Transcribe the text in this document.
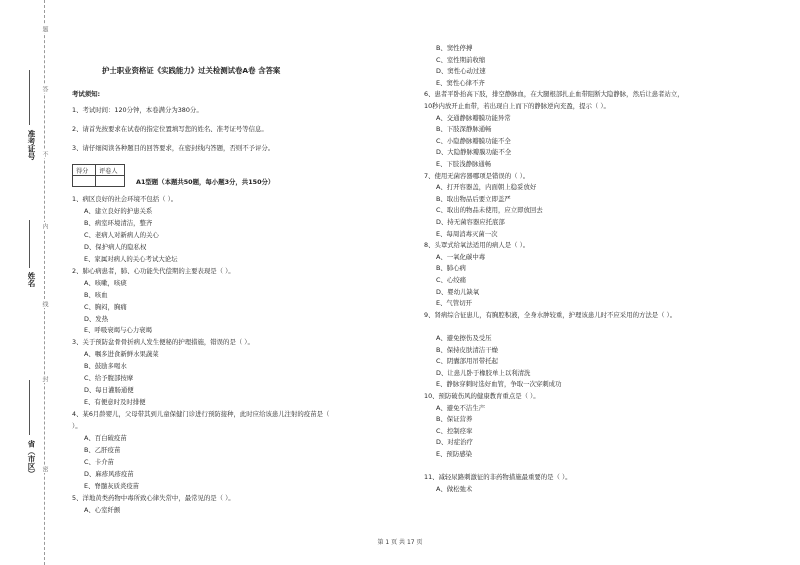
题
答
不
内
线
封
密
准考证号
姓名
省（市区）
护士职业资格证《实践能力》过关检测试卷A卷 含答案
考试须知:
1、考试时间：120分钟，本卷满分为380分。
2、请首先按要求在试卷的指定位置填写您的姓名、准考证号等信息。
3、请仔细阅读各种题目的回答要求，在密封线内答题，否则不予评分。
得分	评卷人

A1型题（本题共50题，每小题3分，共150分）
1、病区良好的社会环境不包括（ ）。
A、建立良好的护患关系
B、病室环境清洁，整齐
C、老病人对新病人的关心
D、保护病人的隐私权
E、家属对病人的关心考试大论坛
2、肺心病患者，肺、心功能失代偿期的主要表现是（ ）。
A、咳嗽，咳痰
B、咳血
C、胸闷，胸痛
D、发热
E、呼吸衰竭与心力衰竭
3、关于预防盆骨骨折病人发生便秘的护理措施，错误的是（ ）。
A、嘱多进食新鲜水果蔬菜
B、鼓励多喝水
C、给予腹部按摩
D、每日灌肠通便
E、有便意时及时排便
4、某6月龄婴儿，父母带其到儿童保健门诊进行预防接种，此时应给该患儿注射的疫苗是（
）。
A、百白破疫苗
B、乙肝疫苗
C、卡介苗
D、麻疹风疹疫苗
E、脊髓灰质炎疫苗
5、洋地黄类药物中毒所致心律失常中，最常见的是（ ）。
A、心室纤颤
B、窦性停搏
C、室性期前收缩
D、窦性心动过速
E、窦性心律不齐
6、患者平卧抬高下肢，排空静脉血，在大腿根部扎止血带阻断大隐静脉，然后让患者站立，
10秒内放开止血带，若出现自上而下的静脉逆向充盈，提示（ ）。
A、交通静脉瓣膜功能异常
B、下肢深静脉通畅
C、小隐静脉瓣膜功能不全
D、大隐静脉瓣膜功能不全
E、下肢浅静脉通畅
7、使用无菌容器哪项是错误的（ ）。
A、打开容器盖，内面朝上稳妥放好
B、取出物品后要立即盖严
C、取出的物品未使用，应立即放回去
D、持无菌容器应托底部
E、每周消毒灭菌一次
8、头罩式给氧法适用的病人是（ ）。
A、一氧化碳中毒
B、肺心病
C、心绞痛
D、婴幼儿缺氧
E、气管切开
9、肾病综合征患儿，有胸腔积液，全身水肿较重，护理该患儿时不应采用的方法是（ ）。
A、避免擦伤及受压
B、保持皮肤清洁干燥
C、阴囊部用吊带托起
D、让患儿卧于橡胶单上以利清洗
E、静脉穿刺时选好血管，争取一次穿刺成功
10、预防破伤风的健康教育重点是（ ）。
A、避免不洁生产
B、保证营养
C、控制痉挛
D、对症治疗
E、预防感染
11、减轻尿路刺激征的非药物措施最重要的是（ ）。
A、做松弛术
第 1 页 共 17 页
